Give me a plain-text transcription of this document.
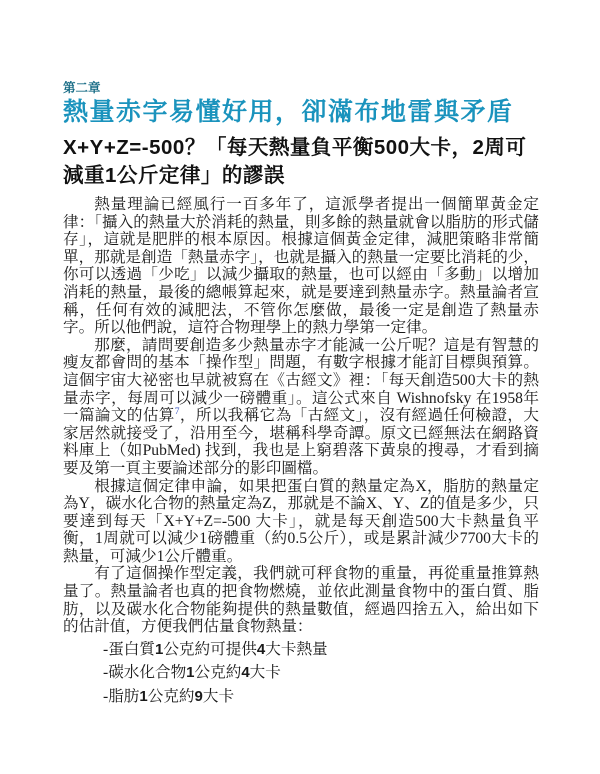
第二章
熱量赤字易懂好用，卻滿布地雷與矛盾
X+Y+Z=-500？「每天熱量負平衡500大卡，2周可減重1公斤定律」的謬誤

熱量理論已經風行一百多年了，這派學者提出一個簡單黃金定律：「攝入的熱量大於消耗的熱量，則多餘的熱量就會以脂肪的形式儲存」，這就是肥胖的根本原因。根據這個黃金定律，減肥策略非常簡單，那就是創造「熱量赤字」，也就是攝入的熱量一定要比消耗的少，你可以透過「少吃」以減少攝取的熱量，也可以經由「多動」以增加消耗的熱量，最後的總帳算起來，就是要達到熱量赤字。熱量論者宣稱，任何有效的減肥法，不管你怎麼做，最後一定是創造了熱量赤字。所以他們說，這符合物理學上的熱力學第一定律。

那麼，請問要創造多少熱量赤字才能減一公斤呢？這是有智慧的瘦友都會問的基本「操作型」問題，有數字根據才能訂目標與預算。這個宇宙大祕密也早就被寫在《古經文》裡：「每天創造500大卡的熱量赤字，每周可以減少一磅體重」。這公式來自 Wishnofsky 在1958年一篇論文的估算$^7$，所以我稱它為「古經文」，沒有經過任何檢證，大家居然就接受了，沿用至今，堪稱科學奇譚。原文已經無法在網路資料庫上（如PubMed) 找到，我也是上窮碧落下黃泉的搜尋，才看到摘要及第一頁主要論述部分的影印圖檔。

根據這個定律申論，如果把蛋白質的熱量定為X，脂肪的熱量定為Y，碳水化合物的熱量定為Z，那就是不論X、Y、Z的值是多少，只要達到每天「X+Y+Z=-500 大卡」，就是每天創造500大卡熱量負平衡，1周就可以減少1磅體重（約0.5公斤），或是累計減少7700大卡的熱量，可減少1公斤體重。

有了這個操作型定義，我們就可秤食物的重量，再從重量推算熱量了。熱量論者也真的把食物燃燒，並依此測量食物中的蛋白質、脂肪，以及碳水化合物能夠提供的熱量數值，經過四捨五入，給出如下的估計值，方便我們估量食物熱量：

-蛋白質1公克約可提供4大卡熱量
-碳水化合物1公克約4大卡
-脂肪1公克約9大卡
